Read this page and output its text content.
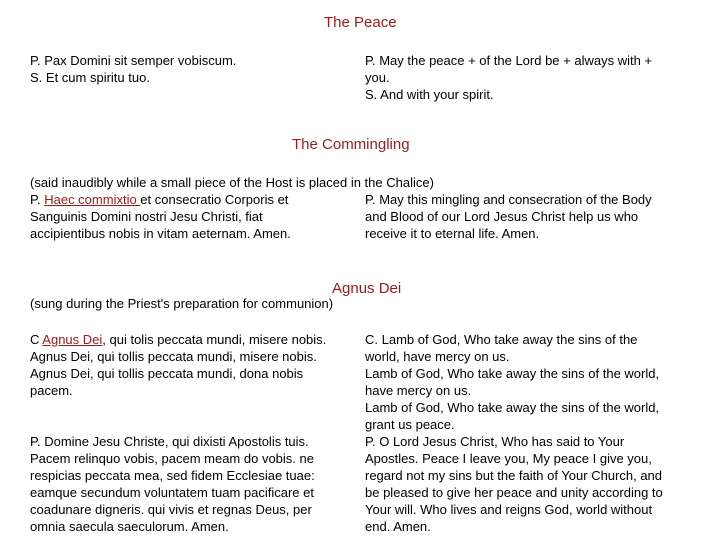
The Peace
P. Pax Domini sit semper vobiscum.
S. Et cum spiritu tuo.
P. May the peace + of the Lord be + always with +
you.
S. And with your spirit.
The Commingling
(said inaudibly while a small piece of the Host is placed in the Chalice)
P. Haec commixtio et consecratio Corporis et
Sanguinis Domini nostri Jesu Christi, fiat
accipientibus nobis in vitam aeternam. Amen.
P. May this mingling and consecration of the Body
and Blood of our Lord Jesus Christ help us who
receive it to eternal life. Amen.
Agnus Dei
(sung during the Priest's preparation for communion)
C Agnus Dei, qui tolis peccata mundi, misere nobis.
Agnus Dei, qui tollis peccata mundi, misere nobis.
Agnus Dei, qui tollis peccata mundi, dona nobis
pacem.
C. Lamb of God, Who take away the sins of the
world, have mercy on us.
Lamb of God, Who take away the sins of the world,
have mercy on us.
Lamb of God, Who take away the sins of the world,
grant us peace.
P. Domine Jesu Christe, qui dixisti Apostolis tuis.
Pacem relinquo vobis, pacem meam do vobis. ne
respicias peccata mea, sed fidem Ecclesiae tuae:
eamque secundum voluntatem tuam pacificare et
coadunare digneris. qui vivis et regnas Deus, per
omnia saecula saeculorum. Amen.
P. O Lord Jesus Christ, Who has said to Your
Apostles. Peace I leave you, My peace I give you,
regard not my sins but the faith of Your Church, and
be pleased to give her peace and unity according to
Your will. Who lives and reigns God, world without
end. Amen.
